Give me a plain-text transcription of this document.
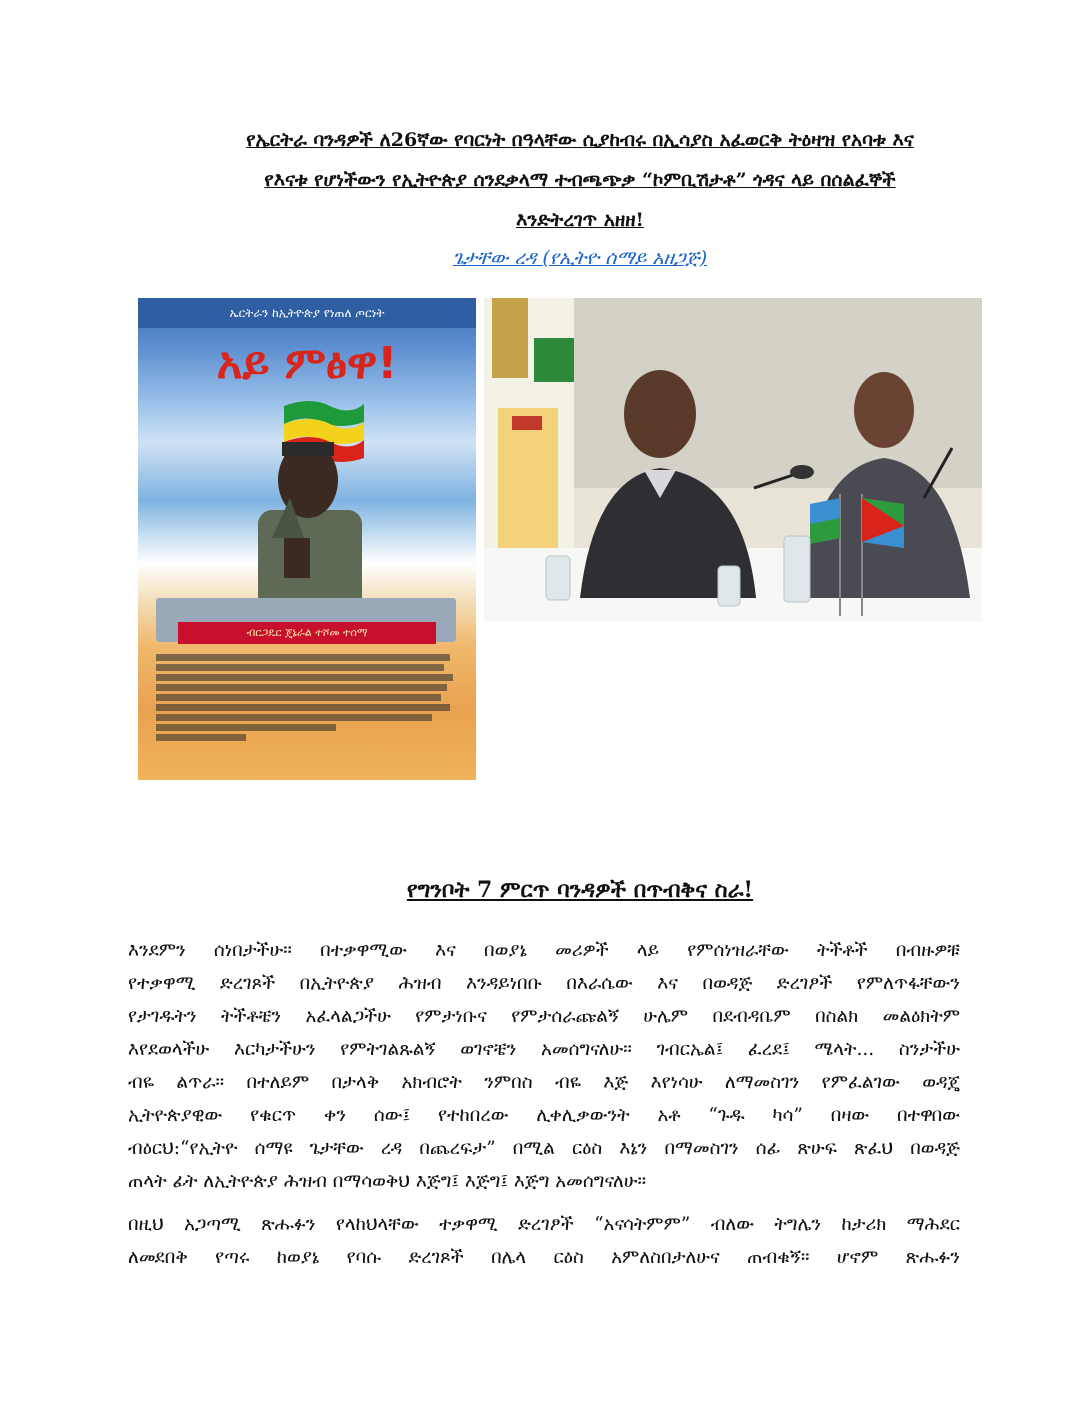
የኤርትራ ባንዳዎች ለ26ኛው የባርነት በዓላቸው ሲያከብሩ በኢሳያስ አፈወርቅ ትዕዛዝ የአባቱ እና
የእናቱ የሆነችውን የኢትዮጵያ ሰንደቃላማ ተብጫጭቃ “ኮምቢሽታቶ” ጎዳና ላይ በሰልፈኞች
እንድትረገጥ አዘዘ!
ጌታቸው ረዳ (የኢትዮ ሰማይ አዘጋጅ)
ኤርትራን ከኢትዮጵያ የነጠለ ጦርነት
አይ ምፅዋ!
ብርጋዴር ጄኔራል ተሾመ ተሰማ
የግንቦት 7 ምርጥ ባንዳዎች በጥብቅና ስራ!
እንደምን ሰነበታችሁ። በተቃዋሚው እና በወያኔ መሪዎች ላይ የምሰነዝራቸው ትችቶች በብዙዎቹ
የተቃዋሚ ድረገጾች በኢትዮጵያ ሕዝብ እንዳይነበቡ በእራሴው እና በወዳጅ ድረገፆች የምለጥፋቸውን
የታገዱትን ትችቶቼን አፈላልጋችሁ የምታነቡና የምታሰራጩልኝ ሁሌም በደብዳቤም በስልክ መልዕክትም
እየደወላችሁ እርካታችሁን የምትገልጹልኝ ወገኖቼን አመሰግናለሁ። ገብርኤል፤ ፈረደ፤ ሜላት... ስንታችሁ
ብዬ ልጥራ። በተለይም በታላቅ አክብሮት ንምበስ ብዬ እጅ እየነሳሁ ለማመስገን የምፈልገው ወዳጄ
ኢትዮጵያዊው የቁርጥ ቀን ሰው፤ የተከበረው ሊቀሊቃውንት አቶ “ጉዱ ካሳ” በዛው በተዋበው
ብዕርህ:“የኢትዮ ሰማዩ ጌታቸው ረዳ በጨረፍታ” በሚል ርዕስ እኔን በማመስገን ሰፊ ጽሁፍ ጽፈህ በወዳጅ
ጠላት ፊት ለኢትዮጵያ ሕዝብ በማሳወቅህ እጅግ፤ እጅግ፤ እጅግ አመሰግናለሁ።
በዚህ አጋጣሚ ጽሑፉን የላከህላቸው ተቃዋሚ ድረገፆች “አናሳትምም” ብለው ትግሌን ከታሪክ ማሕደር
ለመደበቅ የጣሩ ከወያኔ የባሱ ድረገጾች በሌላ ርዕስ አምለስበታለሁና ጠብቁኝ። ሆኖም ጽሑፉን
